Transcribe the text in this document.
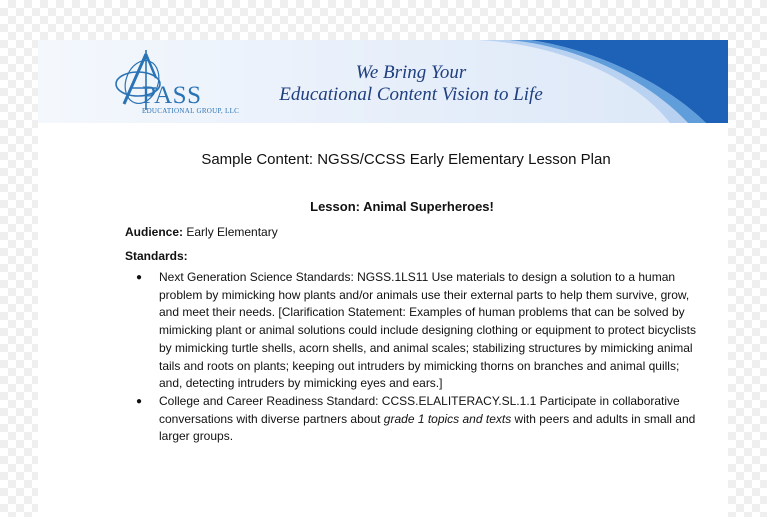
PASS
EDUCATIONAL GROUP, LLC
We Bring Your
Educational Content Vision to Life
Sample Content: NGSS/CCSS Early Elementary Lesson Plan
Lesson: Animal Superheroes!
Audience: Early Elementary
Standards:
● Next Generation Science Standards: NGSS.1LS11 Use materials to design a solution to a human problem by mimicking how plants and/or animals use their external parts to help them survive, grow, and meet their needs. [Clarification Statement: Examples of human problems that can be solved by mimicking plant or animal solutions could include designing clothing or equipment to protect bicyclists by mimicking turtle shells, acorn shells, and animal scales; stabilizing structures by mimicking animal tails and roots on plants; keeping out intruders by mimicking thorns on branches and animal quills; and, detecting intruders by mimicking eyes and ears.]
● College and Career Readiness Standard: CCSS.ELALITERACY.SL.1.1 Participate in collaborative conversations with diverse partners about grade 1 topics and texts with peers and adults in small and larger groups.
